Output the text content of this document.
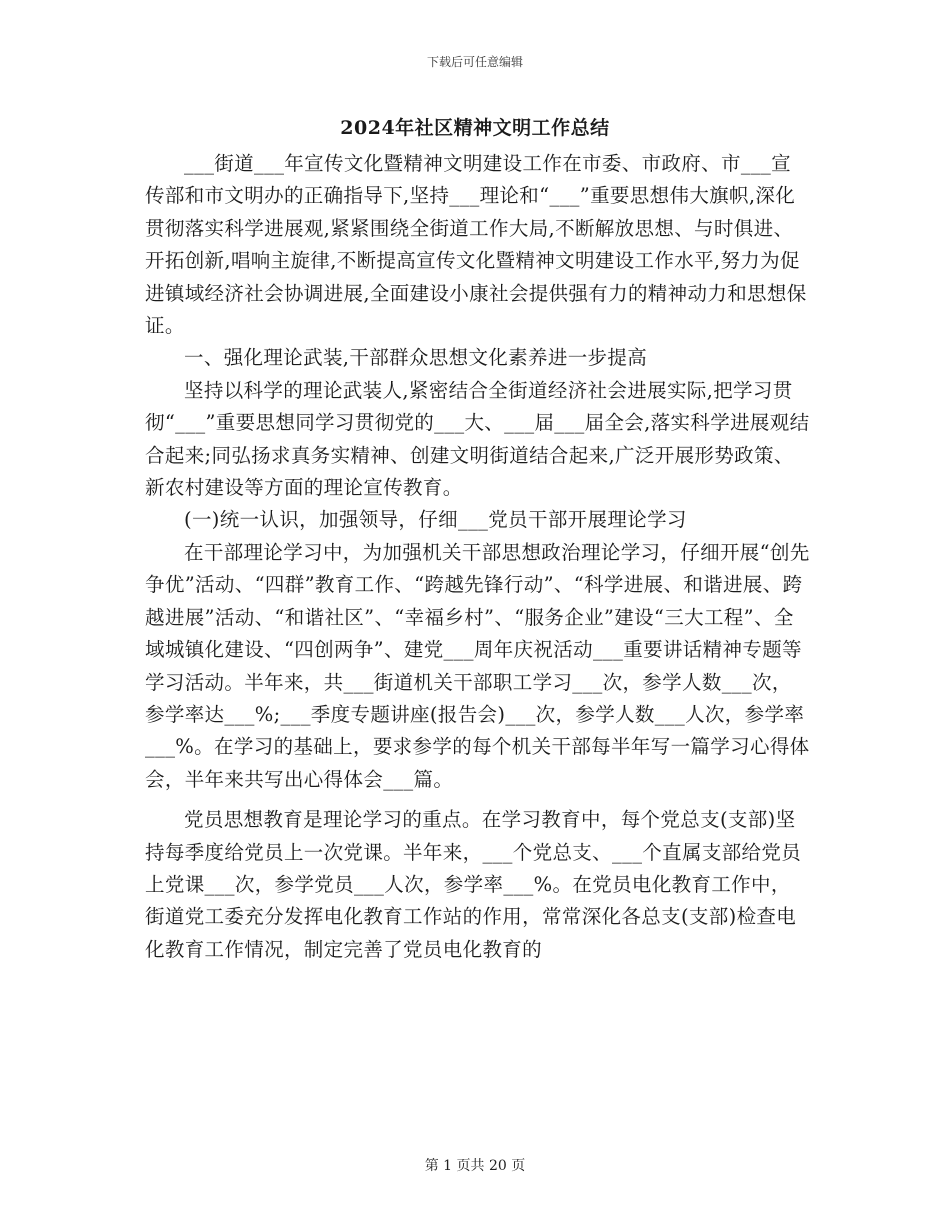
下载后可任意编辑
2024年社区精神文明工作总结

___街道___年宣传文化暨精神文明建设工作在市委、市政府、市___宣传部和市文明办的正确指导下,坚持___理论和“___”重要思想伟大旗帜,深化贯彻落实科学进展观,紧紧围绕全街道工作大局,不断解放思想、与时俱进、开拓创新,唱响主旋律,不断提高宣传文化暨精神文明建设工作水平,努力为促进镇域经济社会协调进展,全面建设小康社会提供强有力的精神动力和思想保证。

一、强化理论武装,干部群众思想文化素养进一步提高

坚持以科学的理论武装人,紧密结合全街道经济社会进展实际,把学习贯彻“___”重要思想同学习贯彻党的___大、___届___届全会,落实科学进展观结合起来;同弘扬求真务实精神、创建文明街道结合起来,广泛开展形势政策、新农村建设等方面的理论宣传教育。

(一)统一认识，加强领导，仔细___党员干部开展理论学习

在干部理论学习中，为加强机关干部思想政治理论学习，仔细开展“创先争优”活动、“四群”教育工作、“跨越先锋行动”、“科学进展、和谐进展、跨越进展”活动、“和谐社区”、“幸福乡村”、“服务企业”建设“三大工程”、全域城镇化建设、“四创两争”、建党___周年庆祝活动___重要讲话精神专题等学习活动。半年来，共___街道机关干部职工学习___次，参学人数___次，参学率达___%;___季度专题讲座(报告会)___次，参学人数___人次，参学率___%。在学习的基础上，要求参学的每个机关干部每半年写一篇学习心得体会，半年来共写出心得体会___篇。

党员思想教育是理论学习的重点。在学习教育中，每个党总支(支部)坚持每季度给党员上一次党课。半年来，___个党总支、___个直属支部给党员上党课___次，参学党员___人次，参学率___%。在党员电化教育工作中，街道党工委充分发挥电化教育工作站的作用，常常深化各总支(支部)检查电化教育工作情况，制定完善了党员电化教育的

第 1 页共 20 页
